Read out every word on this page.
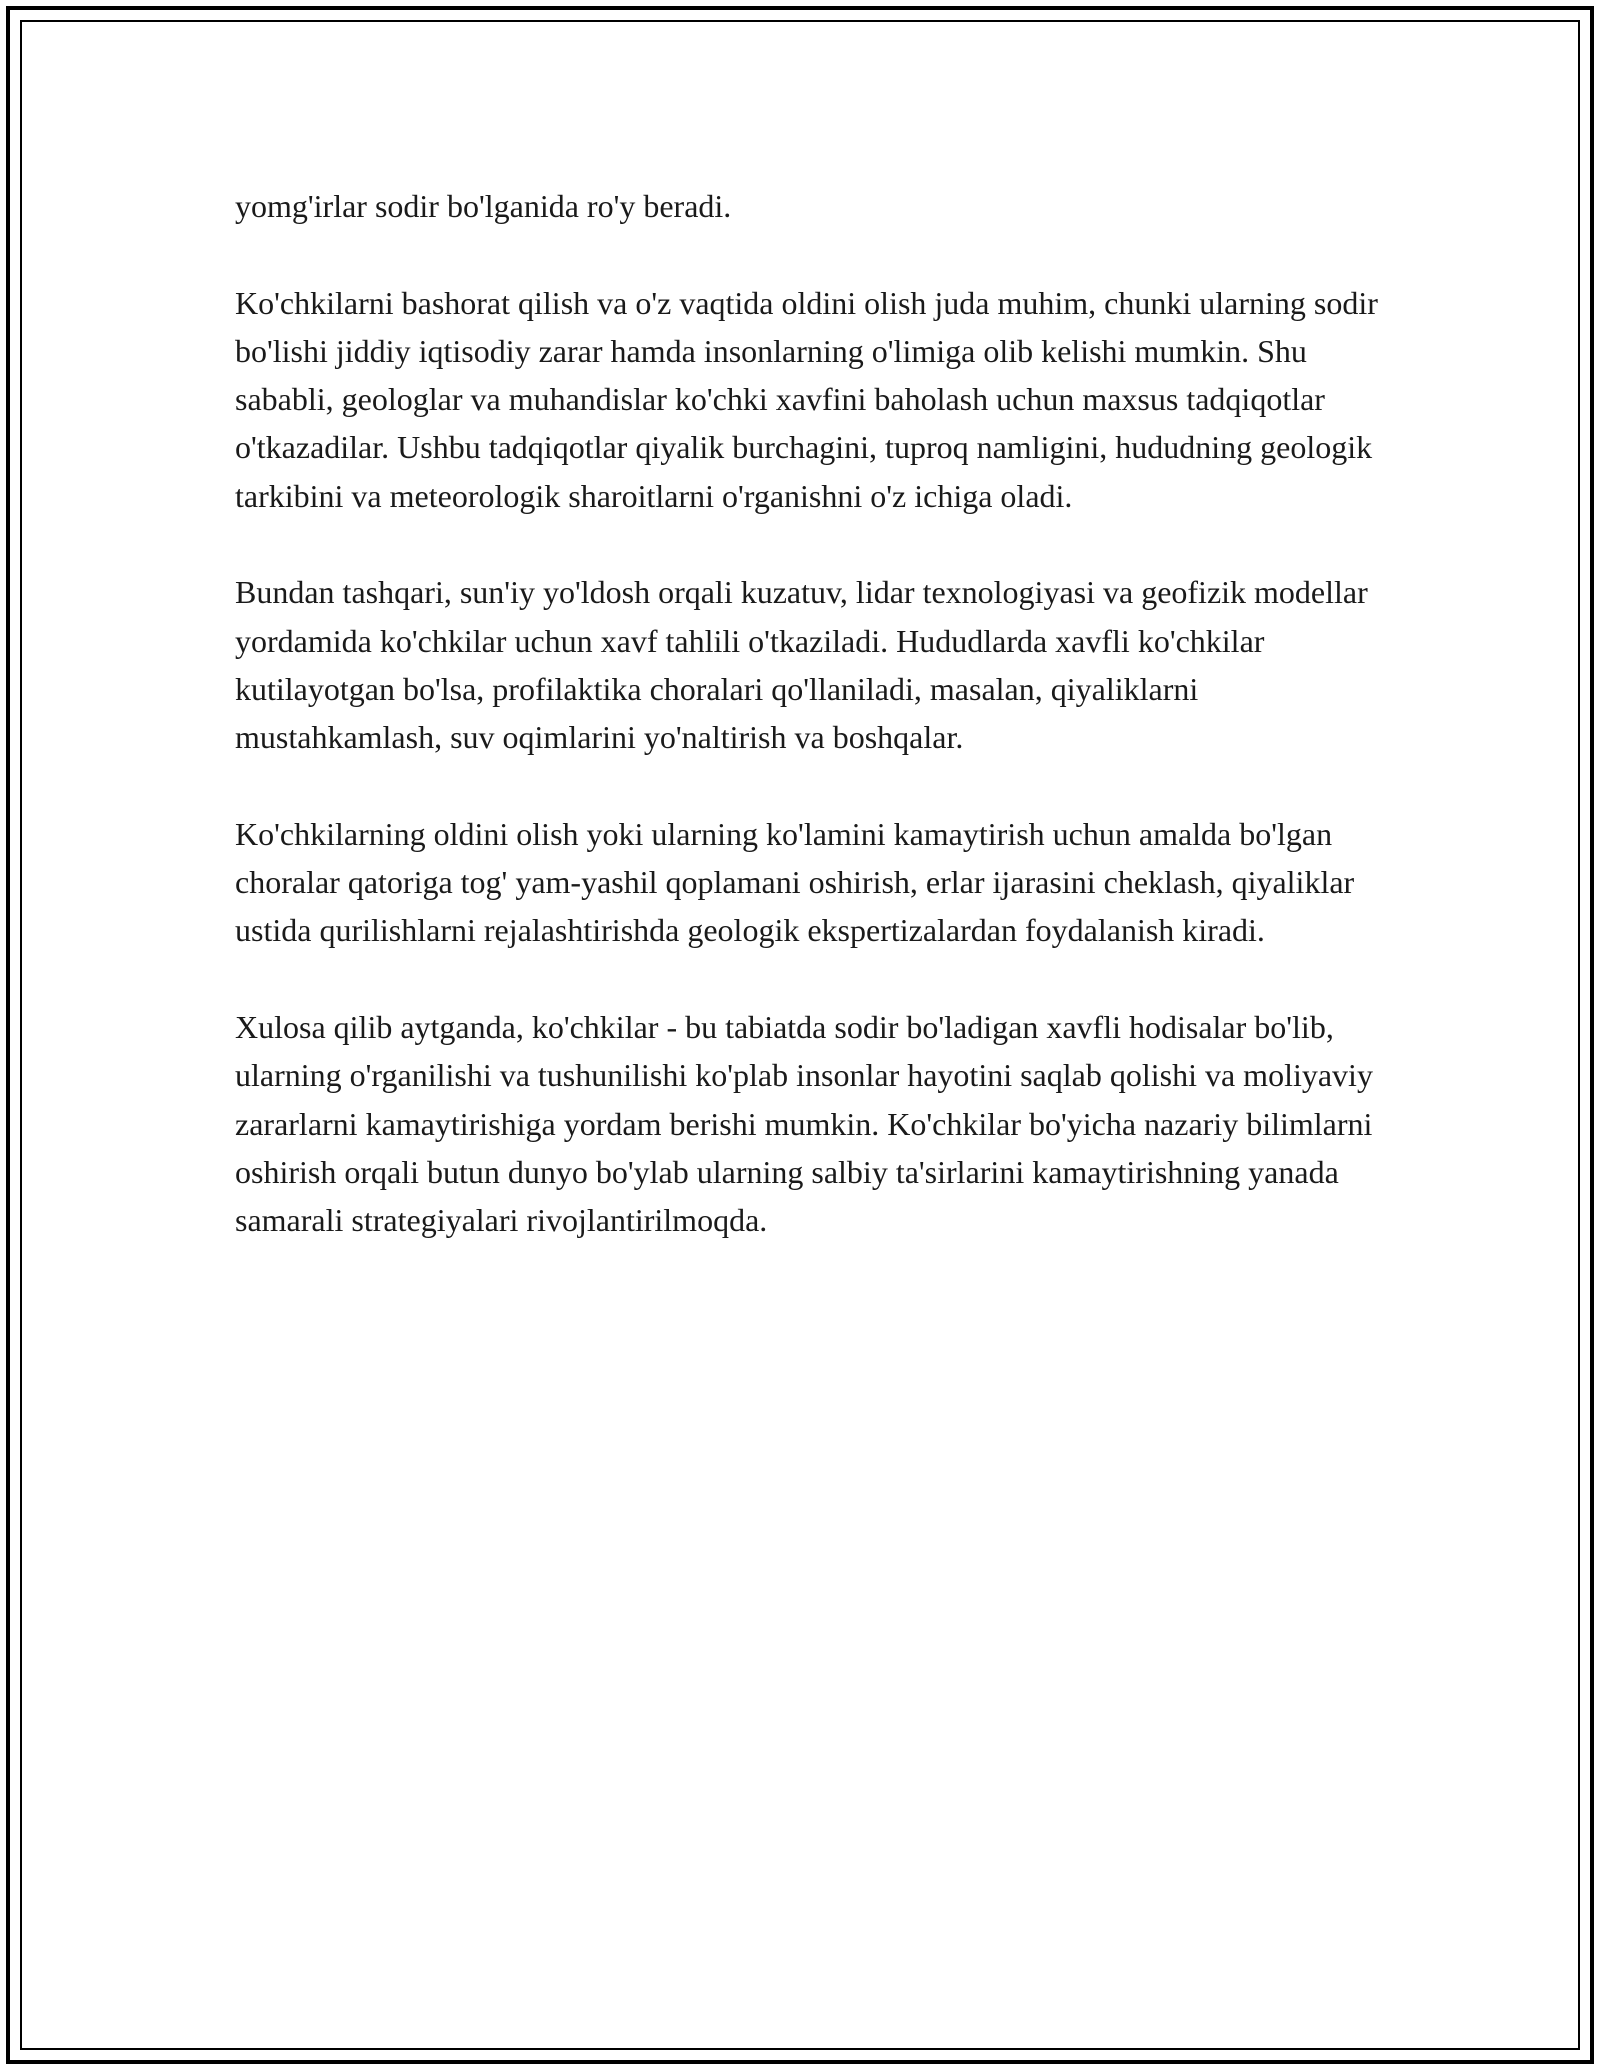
yomg'irlar sodir bo'lganida ro'y beradi.

Ko'chkilarni bashorat qilish va o'z vaqtida oldini olish juda muhim, chunki ularning sodir bo'lishi jiddiy iqtisodiy zarar hamda insonlarning o'limiga olib kelishi mumkin. Shu sababli, geologlar va muhandislar ko'chki xavfini baholash uchun maxsus tadqiqotlar o'tkazadilar. Ushbu tadqiqotlar qiyalik burchagini, tuproq namligini, hududning geologik tarkibini va meteorologik sharoitlarni o'rganishni o'z ichiga oladi.

Bundan tashqari, sun'iy yo'ldosh orqali kuzatuv, lidar texnologiyasi va geofizik modellar yordamida ko'chkilar uchun xavf tahlili o'tkaziladi. Hududlarda xavfli ko'chkilar kutilayotgan bo'lsa, profilaktika choralari qo'llaniladi, masalan, qiyaliklarni mustahkamlash, suv oqimlarini yo'naltirish va boshqalar.

Ko'chkilarning oldini olish yoki ularning ko'lamini kamaytirish uchun amalda bo'lgan choralar qatoriga tog' yam-yashil qoplamani oshirish, erlar ijarasini cheklash, qiyaliklar ustida qurilishlarni rejalashtirishda geologik ekspertizalardan foydalanish kiradi.

Xulosa qilib aytganda, ko'chkilar - bu tabiatda sodir bo'ladigan xavfli hodisalar bo'lib, ularning o'rganilishi va tushunilishi ko'plab insonlar hayotini saqlab qolishi va moliyaviy zararlarni kamaytirishiga yordam berishi mumkin. Ko'chkilar bo'yicha nazariy bilimlarni oshirish orqali butun dunyo bo'ylab ularning salbiy ta'sirlarini kamaytirishning yanada samarali strategiyalari rivojlantirilmoqda.
